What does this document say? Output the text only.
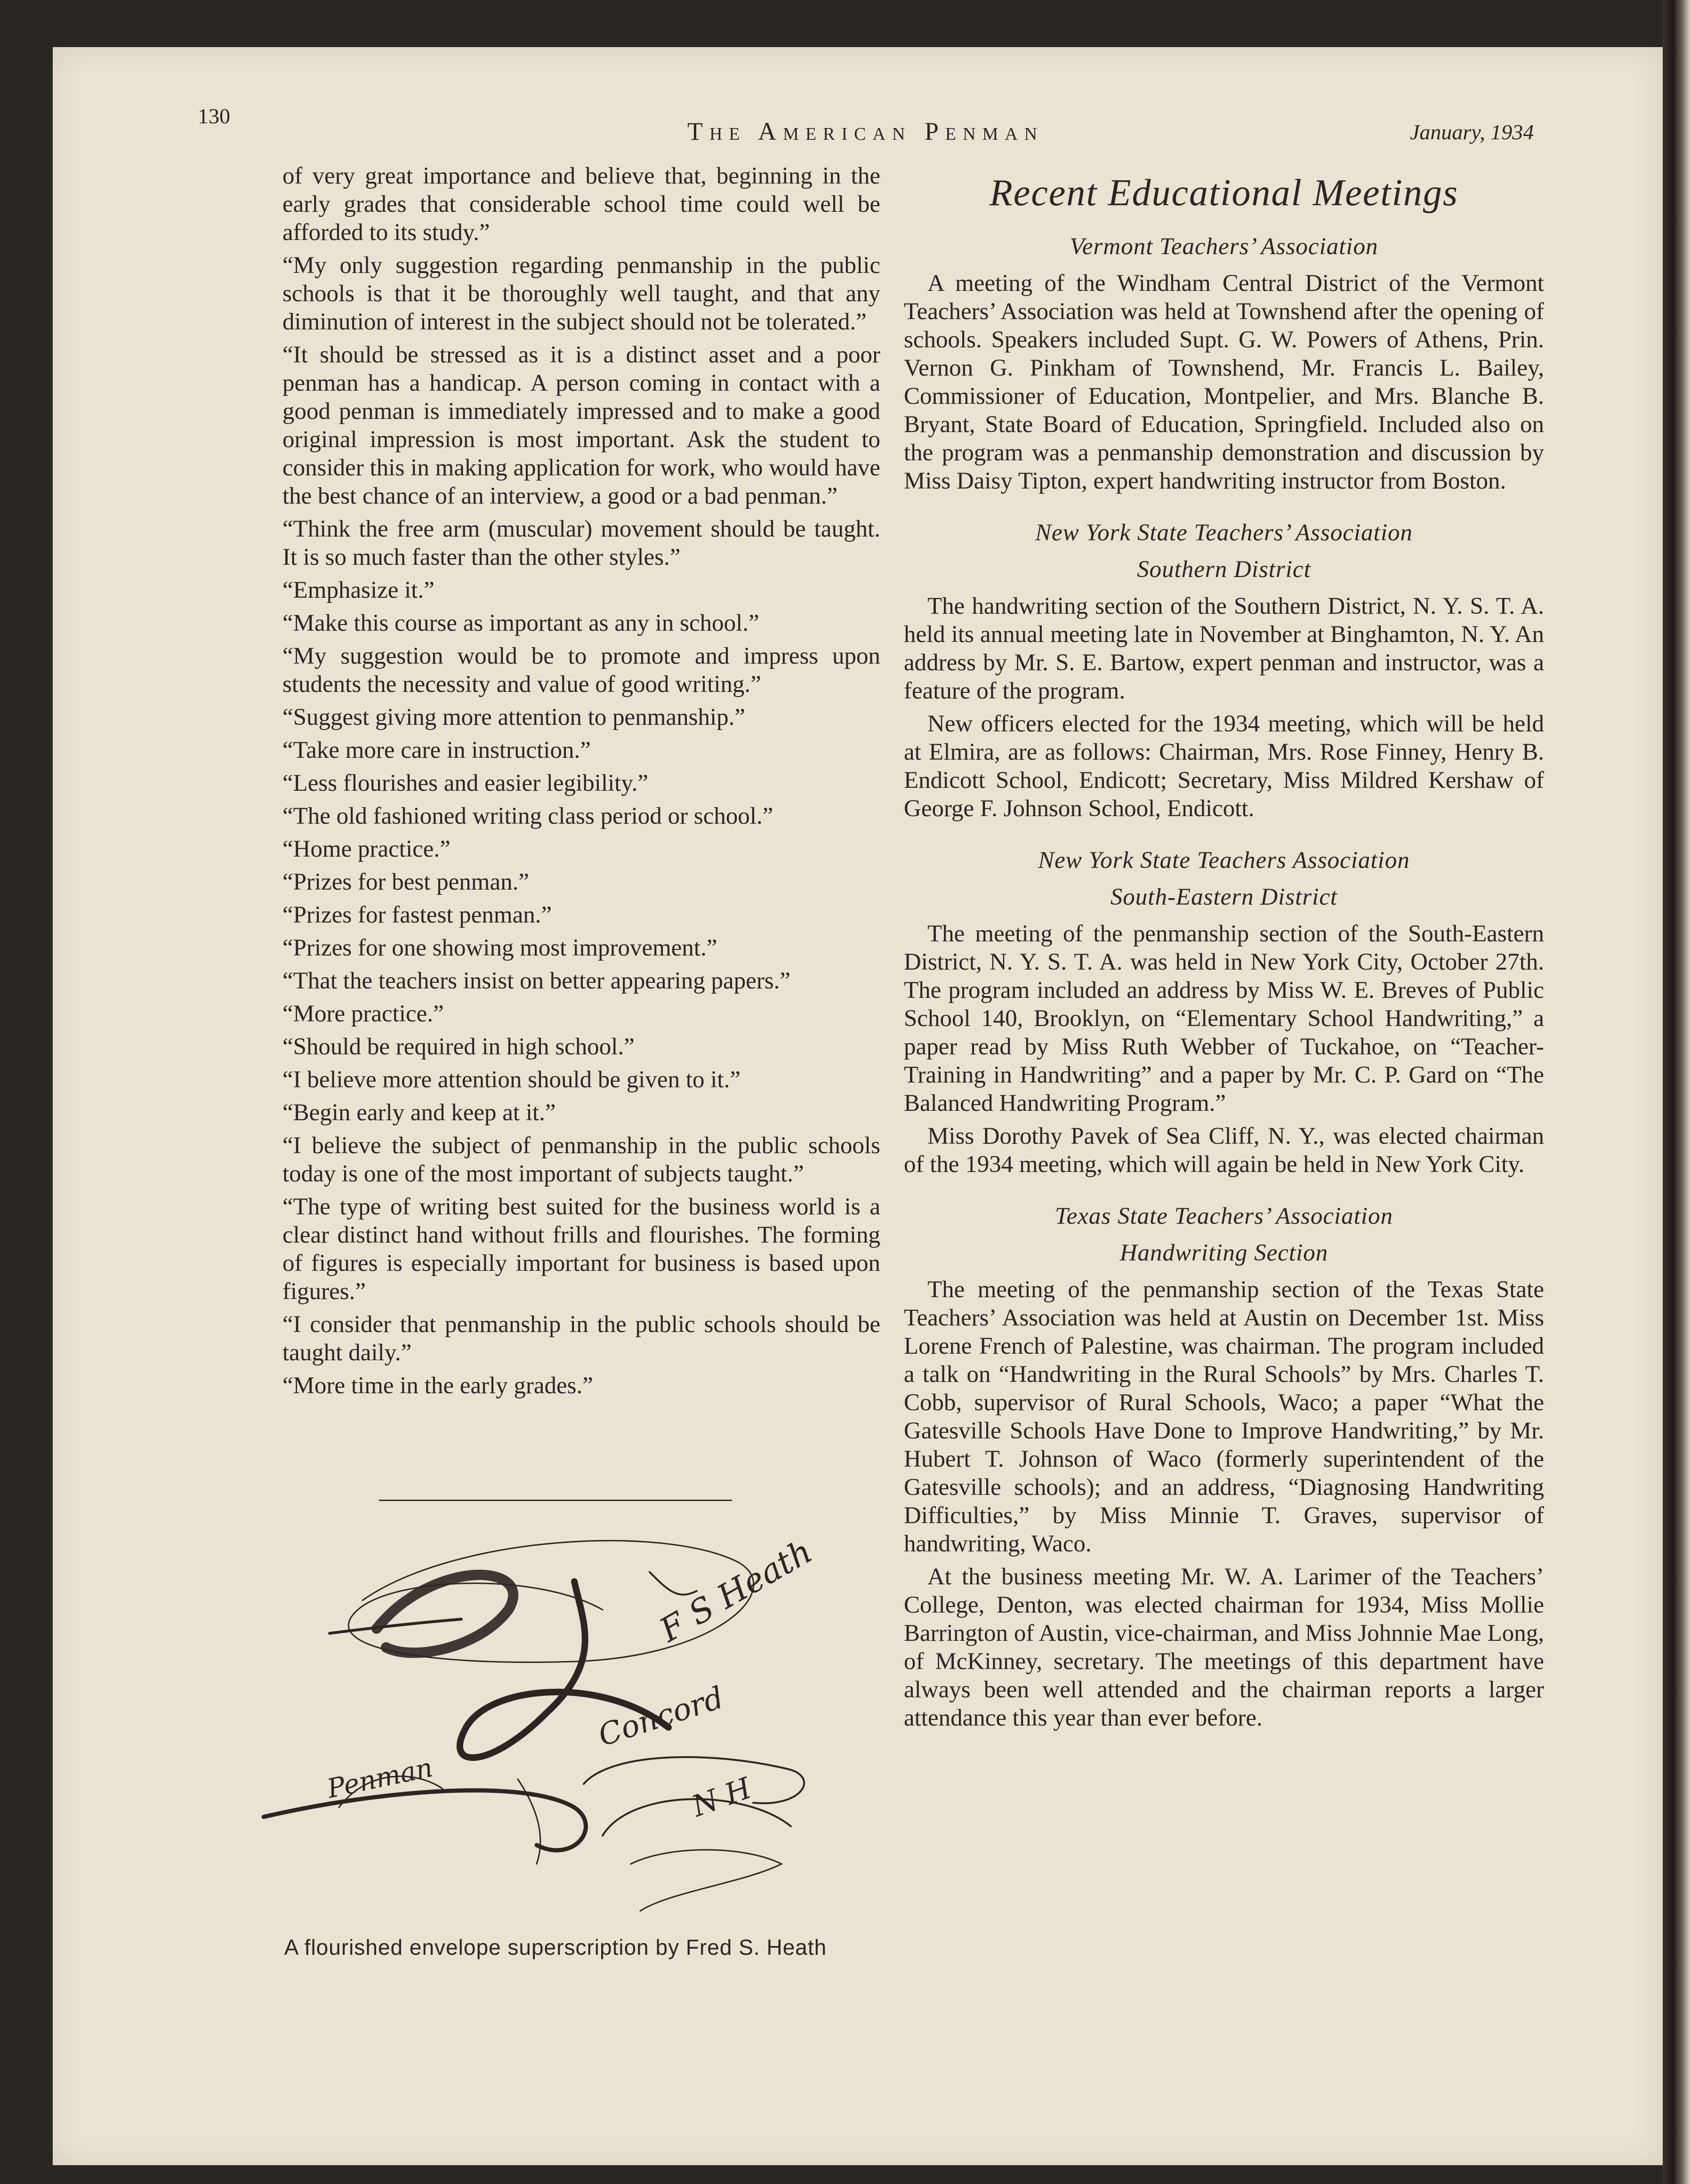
130
The American Penman	January, 1934

of very great importance and believe that, beginning in the early grades that considerable school time could well be afforded to its study.”

“My only suggestion regarding penmanship in the public schools is that it be thoroughly well taught, and that any diminution of interest in the subject should not be tolerated.”

“It should be stressed as it is a distinct asset and a poor penman has a handicap. A person coming in contact with a good penman is immediately impressed and to make a good original impression is most important. Ask the student to consider this in making application for work, who would have the best chance of an interview, a good or a bad penman.”

“Think the free arm (muscular) movement should be taught. It is so much faster than the other styles.”

“Emphasize it.”

“Make this course as important as any in school.”

“My suggestion would be to promote and impress upon students the necessity and value of good writing.”

“Suggest giving more attention to penmanship.”

“Take more care in instruction.”

“Less flourishes and easier legibility.”

“The old fashioned writing class period or school.”

“Home practice.”

“Prizes for best penman.”

“Prizes for fastest penman.”

“Prizes for one showing most improvement.”

“That the teachers insist on better appearing papers.”

“More practice.”

“Should be required in high school.”

“I believe more attention should be given to it.”

“Begin early and keep at it.”

“I believe the subject of penmanship in the public schools today is one of the most important of subjects taught.”

“The type of writing best suited for the business world is a clear distinct hand without frills and flourishes. The forming of figures is especially important for business is based upon figures.”

“I consider that penmanship in the public schools should be taught daily.”

“More time in the early grades.”

F S Heath
Concord
N H
Penman
A flourished envelope superscription by Fred S. Heath
Recent Educational Meetings
Vermont Teachers’ Association

A meeting of the Windham Central District of the Vermont Teachers’ Association was held at Townshend after the opening of schools. Speakers included Supt. G. W. Powers of Athens, Prin. Vernon G. Pinkham of Townshend, Mr. Francis L. Bailey, Commissioner of Education, Montpelier, and Mrs. Blanche B. Bryant, State Board of Education, Springfield. Included also on the program was a penmanship demonstration and discussion by Miss Daisy Tipton, expert handwriting instructor from Boston.

New York State Teachers’ Association
Southern District

The handwriting section of the Southern District, N. Y. S. T. A. held its annual meeting late in November at Binghamton, N. Y. An address by Mr. S. E. Bartow, expert penman and instructor, was a feature of the program.

New officers elected for the 1934 meeting, which will be held at Elmira, are as follows: Chairman, Mrs. Rose Finney, Henry B. Endicott School, Endicott; Secretary, Miss Mildred Kershaw of George F. Johnson School, Endicott.

New York State Teachers Association
South-Eastern District

The meeting of the penmanship section of the South-Eastern District, N. Y. S. T. A. was held in New York City, October 27th. The program included an address by Miss W. E. Breves of Public School 140, Brooklyn, on “Elementary School Handwriting,” a paper read by Miss Ruth Webber of Tuckahoe, on “Teacher-Training in Handwriting” and a paper by Mr. C. P. Gard on “The Balanced Handwriting Program.”

Miss Dorothy Pavek of Sea Cliff, N. Y., was elected chairman of the 1934 meeting, which will again be held in New York City.

Texas State Teachers’ Association
Handwriting Section

The meeting of the penmanship section of the Texas State Teachers’ Association was held at Austin on December 1st. Miss Lorene French of Palestine, was chairman. The program included a talk on “Handwriting in the Rural Schools” by Mrs. Charles T. Cobb, supervisor of Rural Schools, Waco; a paper “What the Gatesville Schools Have Done to Improve Handwriting,” by Mr. Hubert T. Johnson of Waco (formerly superintendent of the Gatesville schools); and an address, “Diagnosing Handwriting Difficulties,” by Miss Minnie T. Graves, supervisor of handwriting, Waco.

At the business meeting Mr. W. A. Larimer of the Teachers’ College, Denton, was elected chairman for 1934, Miss Mollie Barrington of Austin, vice-chairman, and Miss Johnnie Mae Long, of McKinney, secretary. The meetings of this department have always been well attended and the chairman reports a larger attendance this year than ever before.
